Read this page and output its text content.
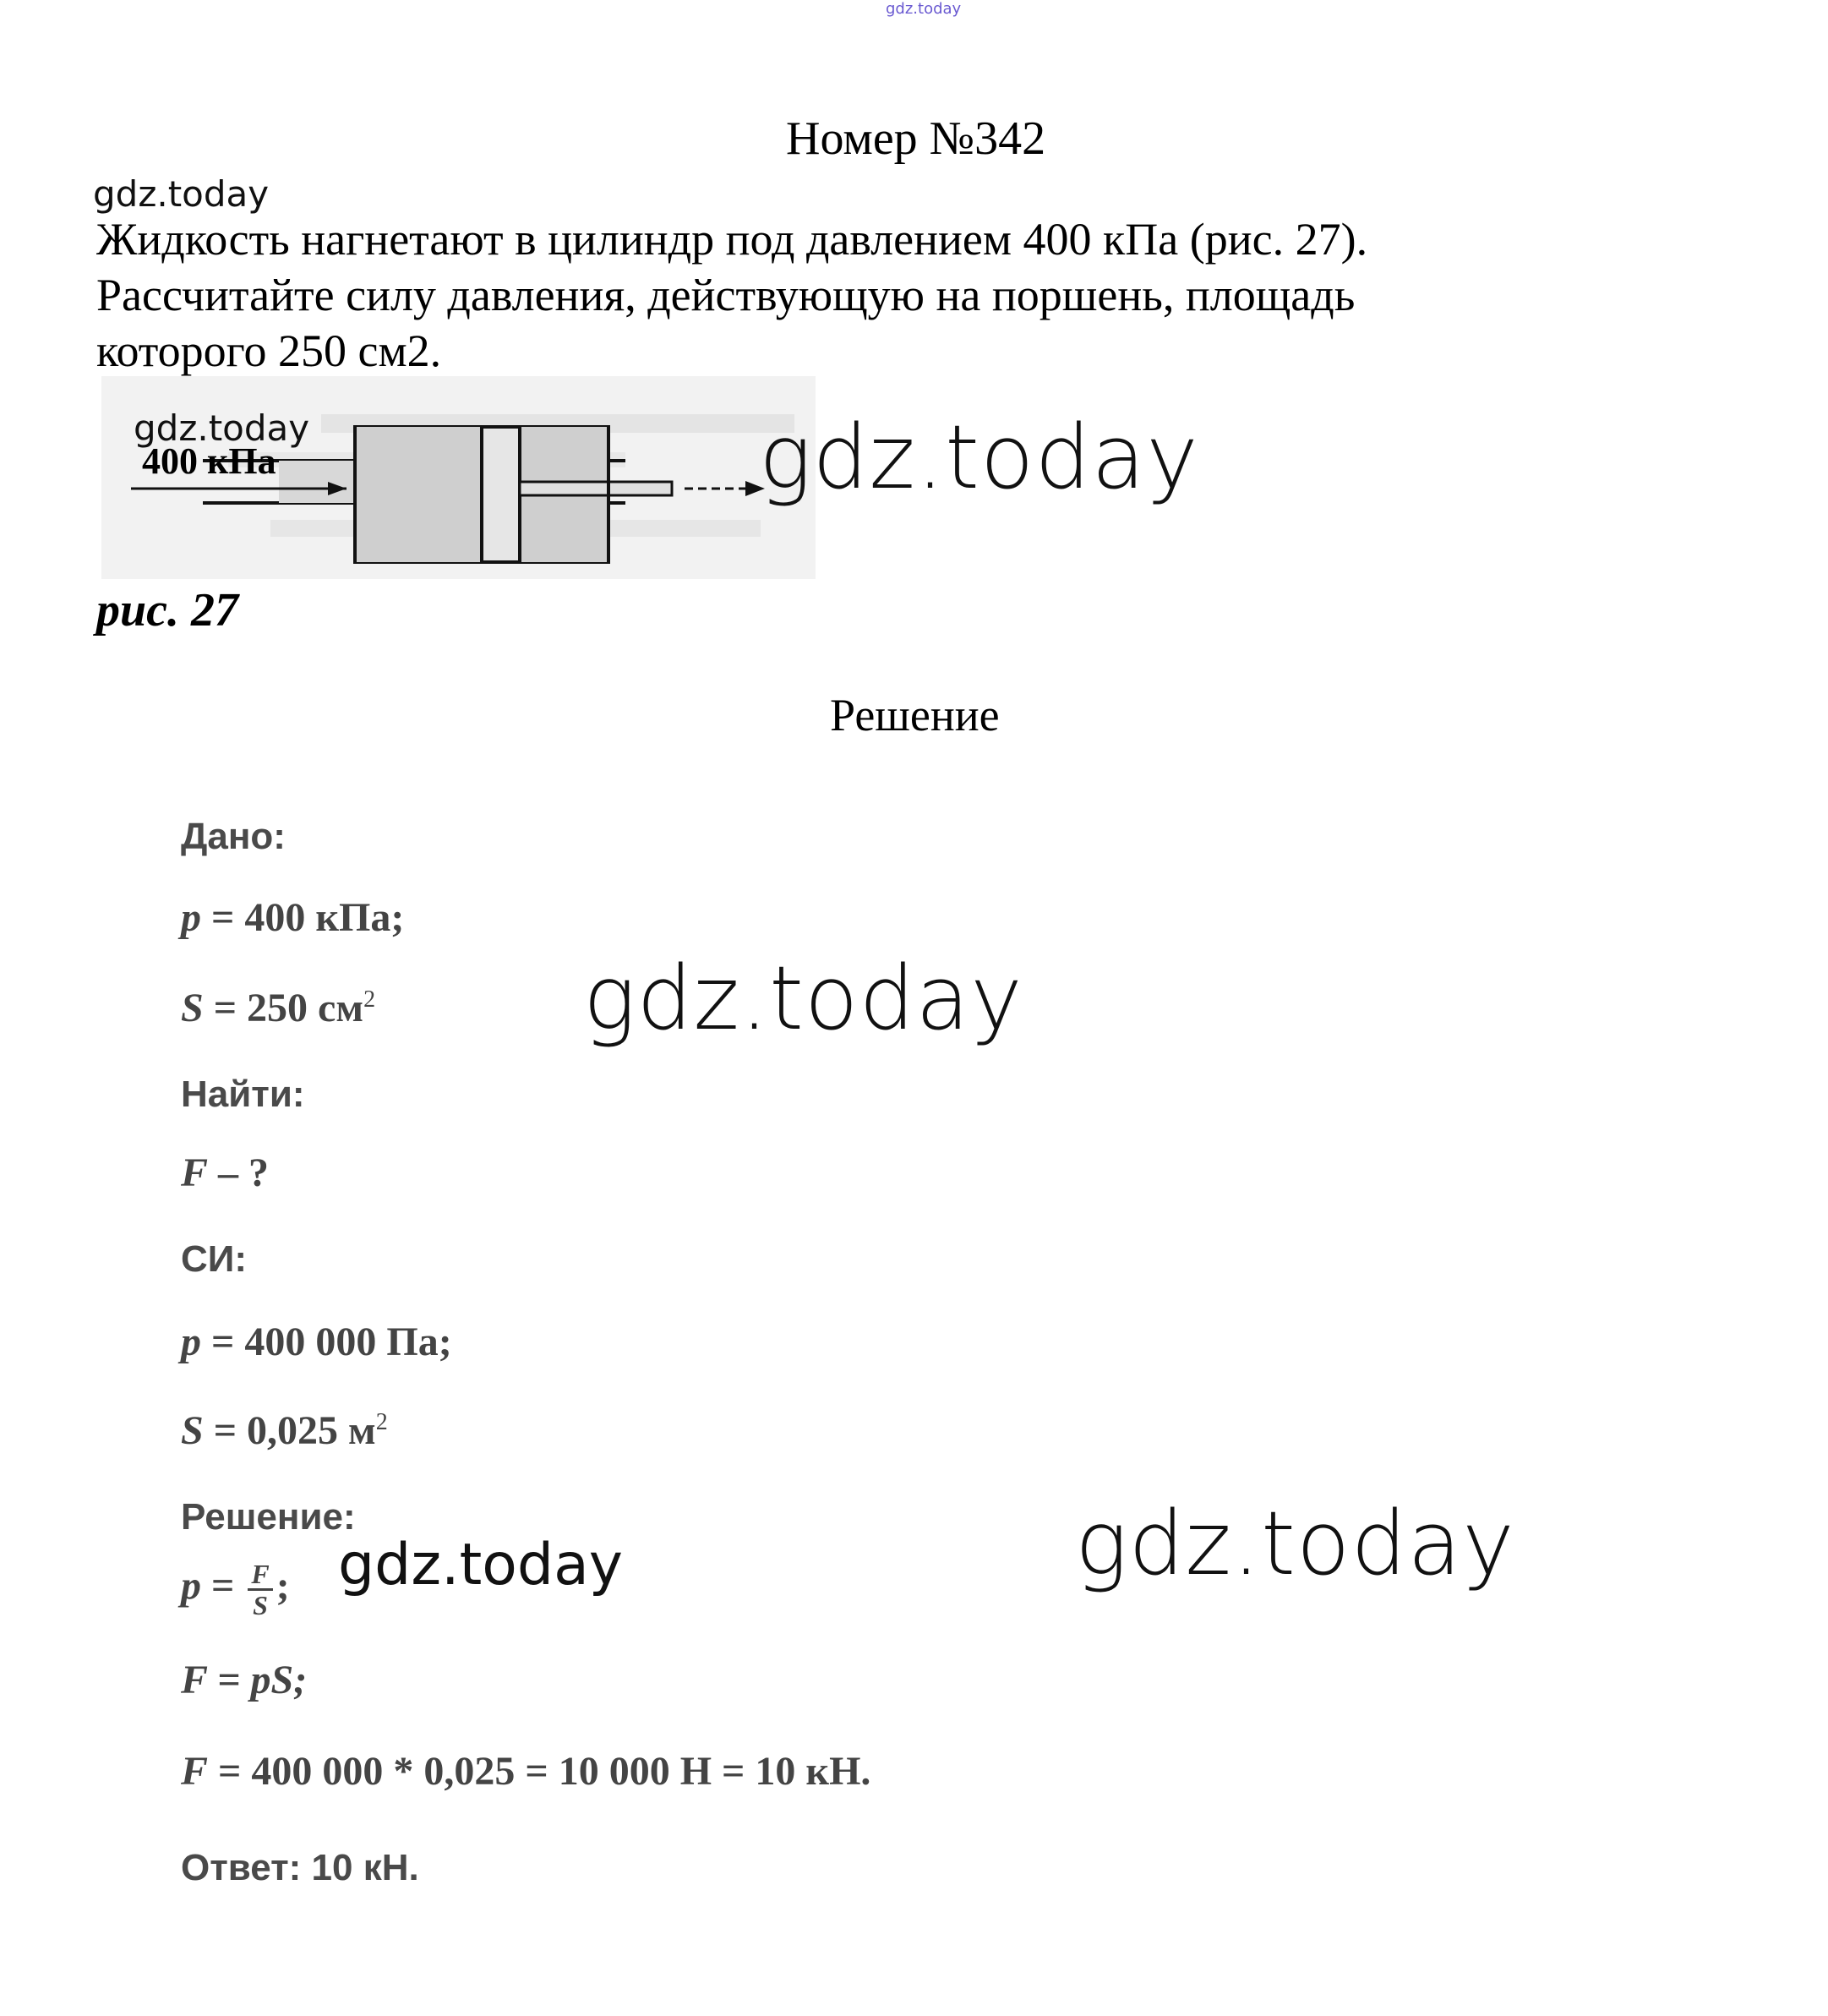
gdz.today
Номер №342
gdz.today
Жидкость нагнетают в цилиндр под давлением 400 кПа (рис. 27).
Рассчитайте силу давления, действующую на поршень, площадь
которого 250 см2.
400 кПа
gdz.today	gdz.today
рис. 27
Решение
Дано:
p = 400 кПа;
S = 250 $см^2$ gdz.today
Найти:
F – ?
СИ:
p = 400 000 Па;
S = 0,025 $м^2$
Решение:
$p = \frac{F}{S}$ ; gdz.today	gdz.today
F = pS;
F = 400 000 * 0,025 = 10 000 Н = 10 кН.
Ответ: 10 кН.
